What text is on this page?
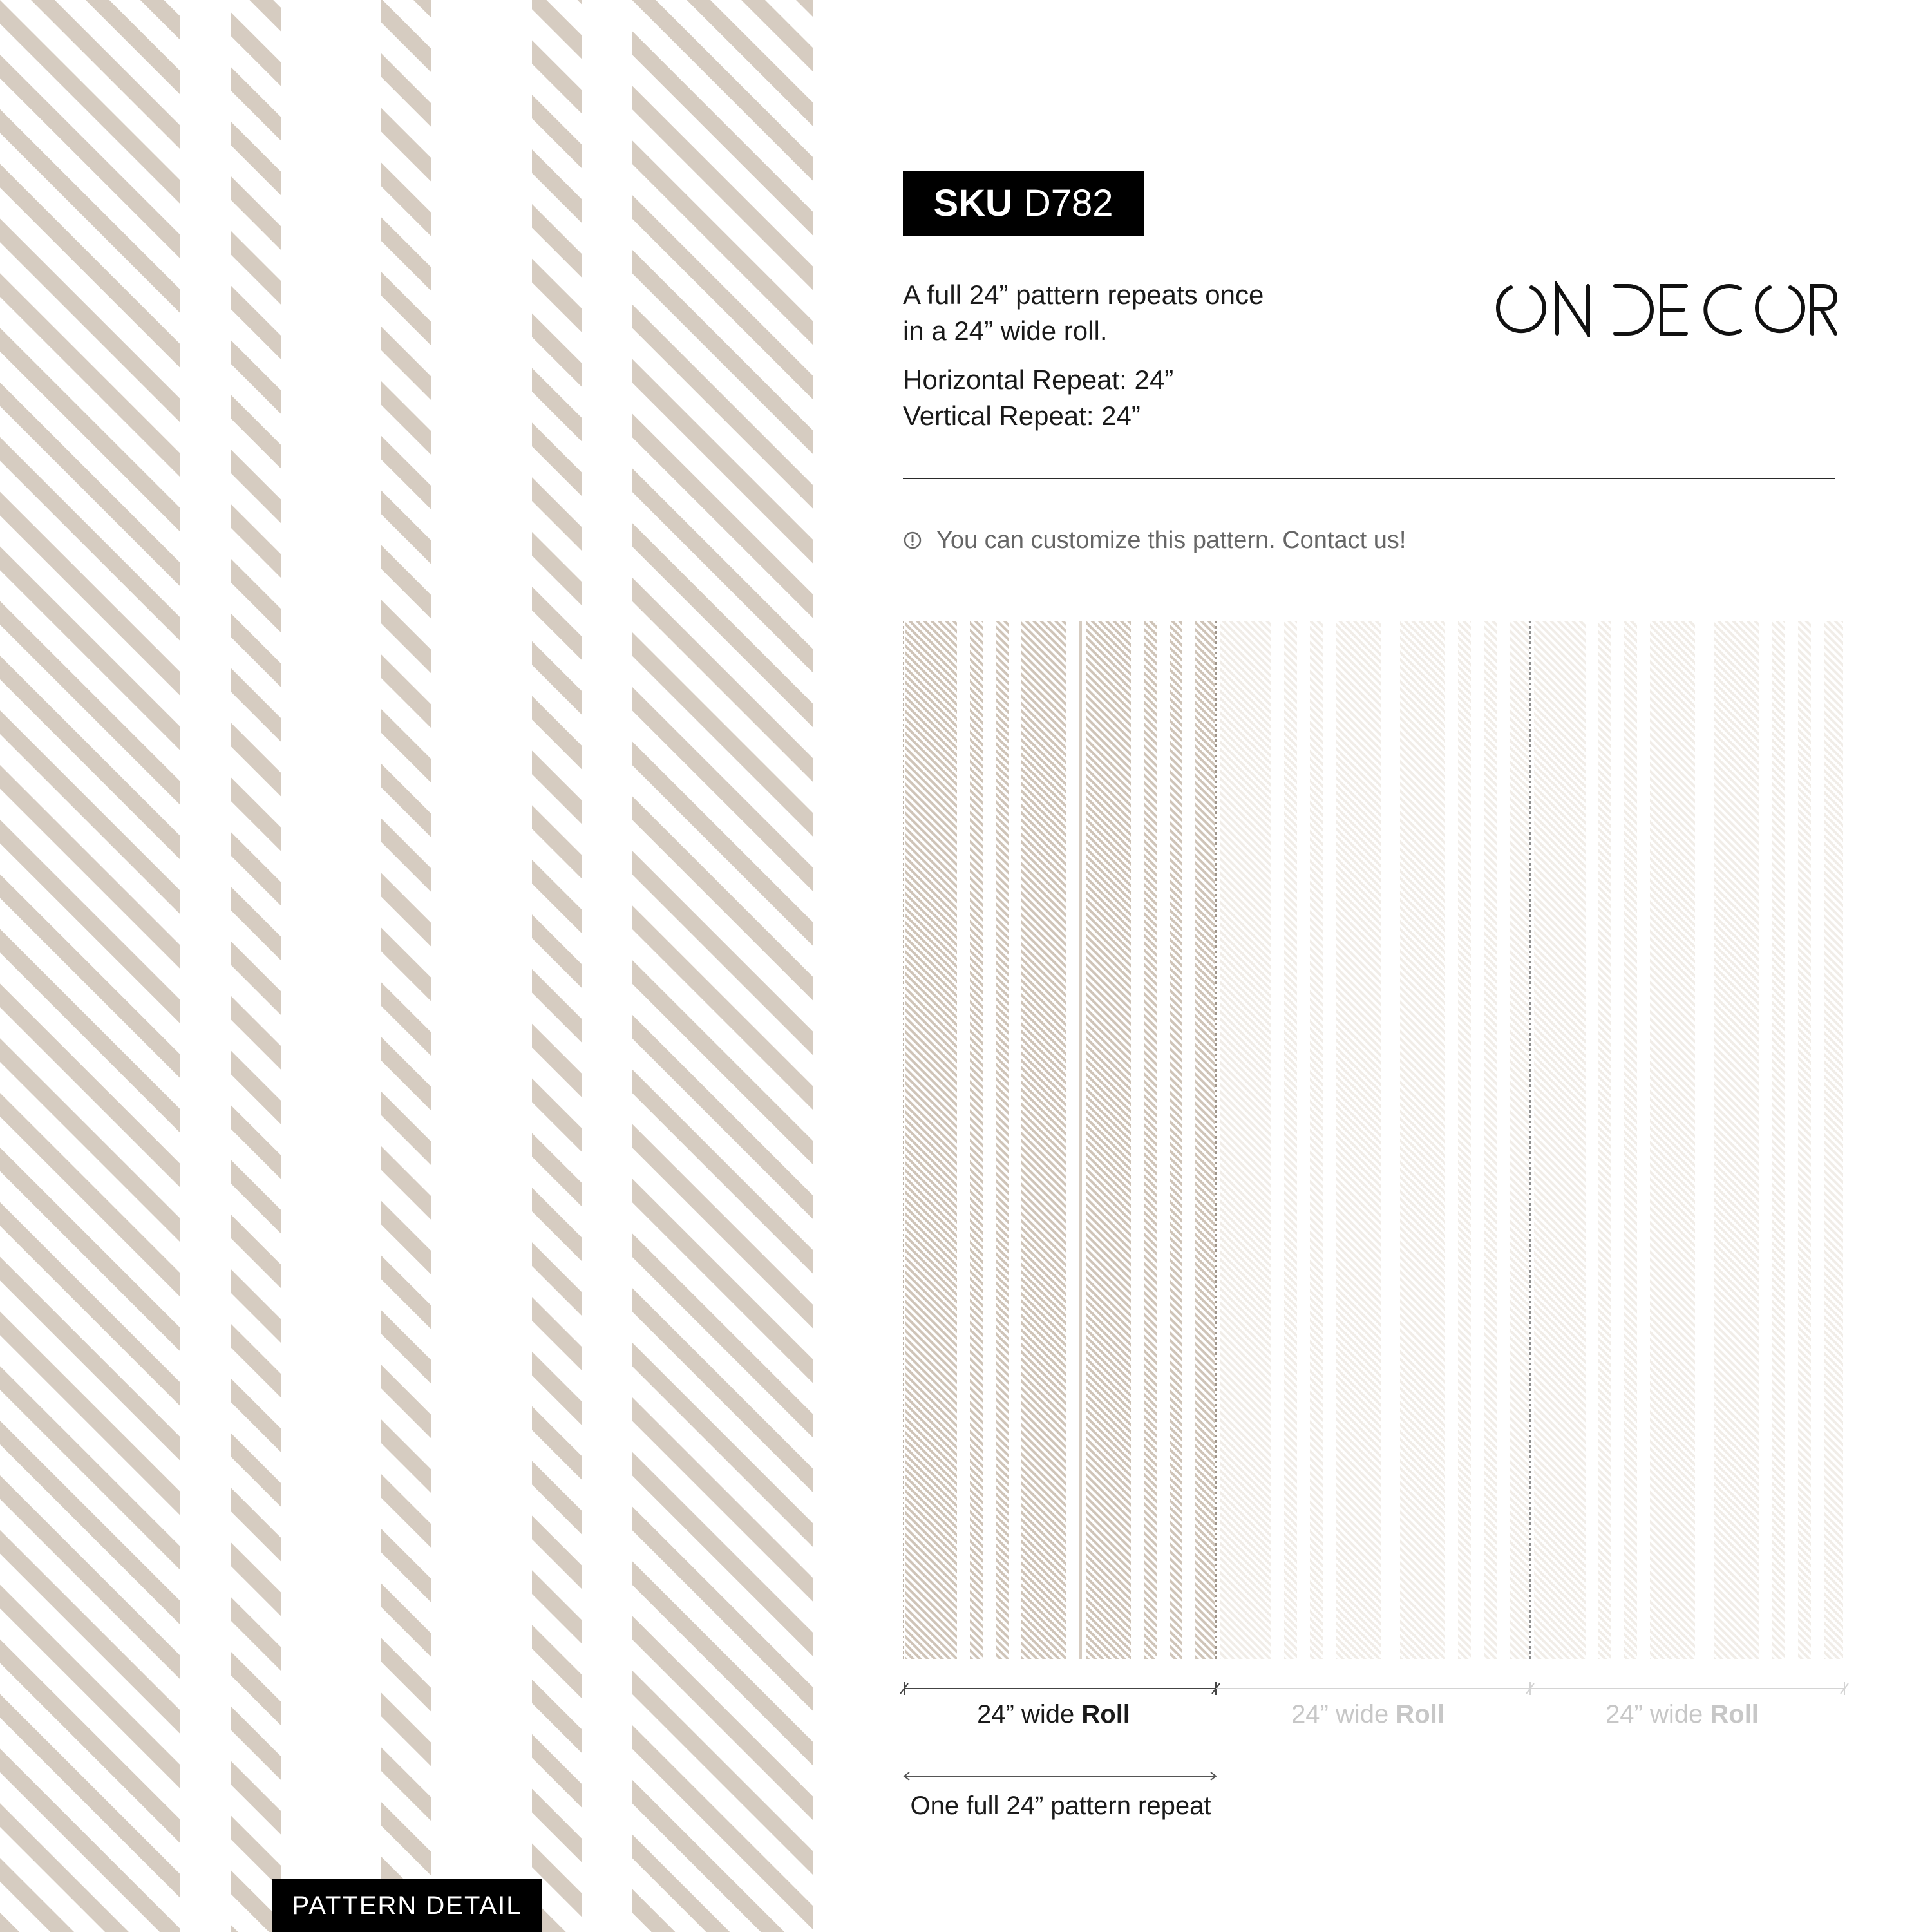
PATTERN DETAIL
SKU D782

A full 24” pattern repeats once

in a 24” wide roll.

Horizontal Repeat: 24”

Vertical Repeat: 24”

You can customize this pattern. Contact us!
24” wide Roll	24” wide Roll	24” wide Roll
One full 24” pattern repeat
